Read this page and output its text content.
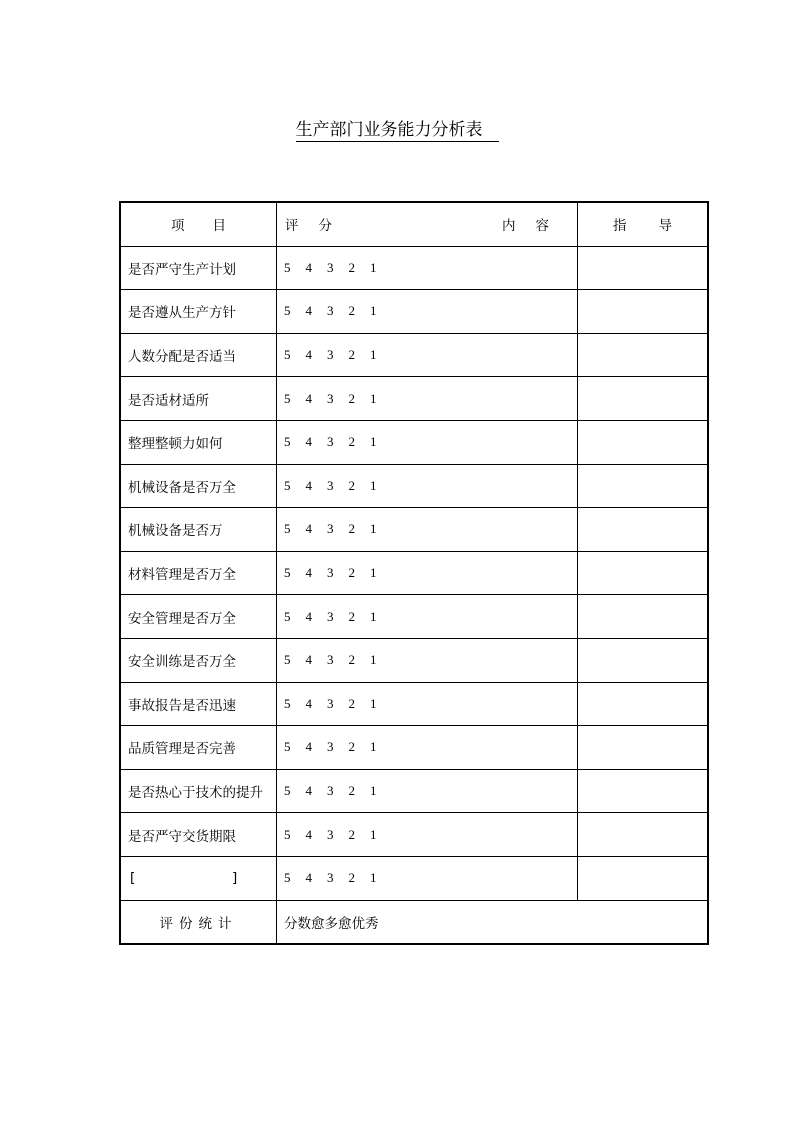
生产部门业务能力分析表
项 目	评 分 内 容	指 导
是否严守生产计划	5 4 3 2 1	
是否遵从生产方针	5 4 3 2 1	
人数分配是否适当	5 4 3 2 1	
是否适材适所	5 4 3 2 1	
整理整顿力如何	5 4 3 2 1	
机械设备是否万全	5 4 3 2 1	
机械设备是否万	5 4 3 2 1	
材料管理是否万全	5 4 3 2 1	
安全管理是否万全	5 4 3 2 1	
安全训练是否万全	5 4 3 2 1	
事故报告是否迅速	5 4 3 2 1	
品质管理是否完善	5 4 3 2 1	
是否热心于技术的提升	5 4 3 2 1	
是否严守交货期限	5 4 3 2 1	
[ ]	5 4 3 2 1	
评份统计	分数愈多愈优秀	
